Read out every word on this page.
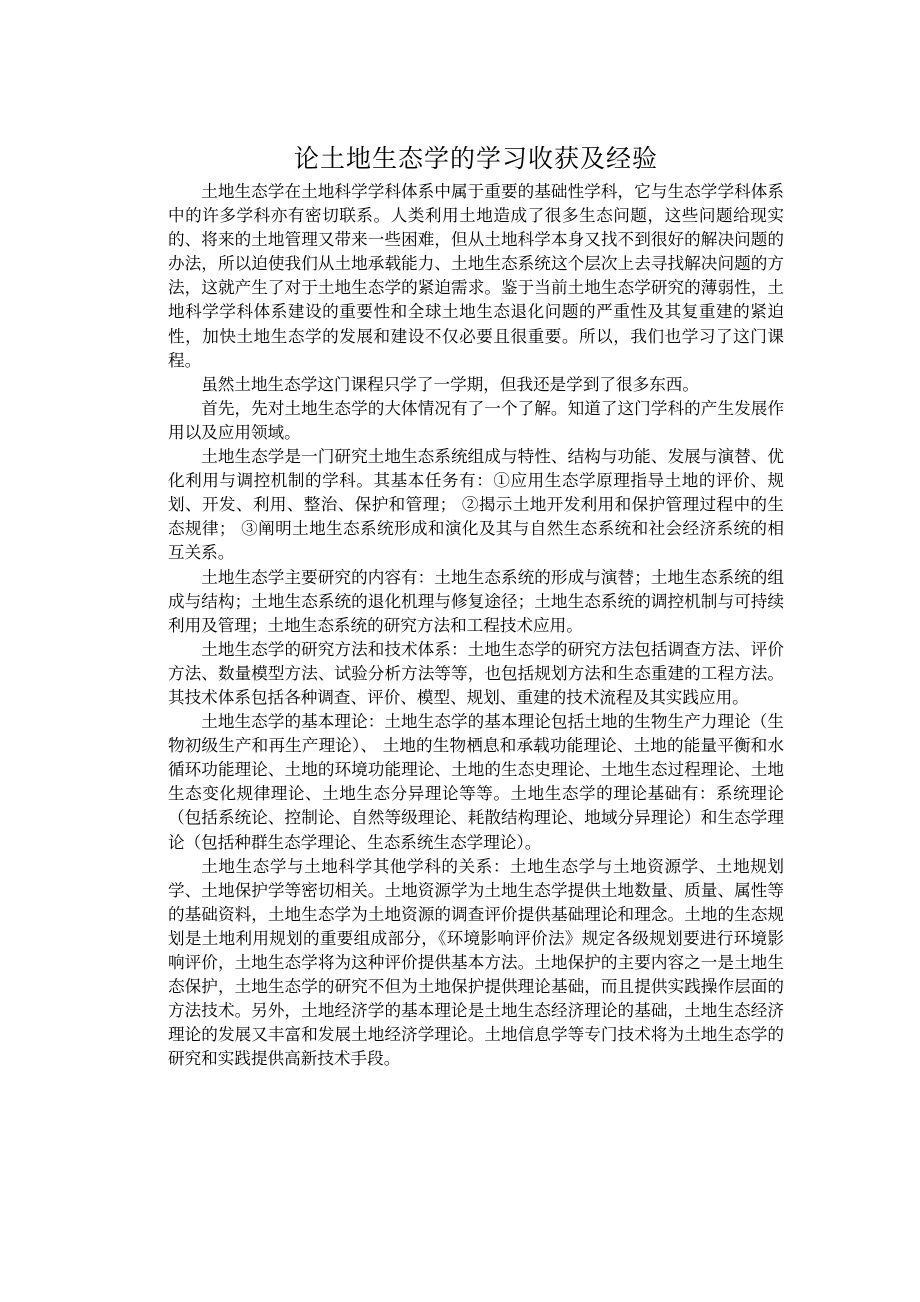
论土地生态学的学习收获及经验

土地生态学在土地科学学科体系中属于重要的基础性学科，它与生态学学科体系中的许多学科亦有密切联系。人类利用土地造成了很多生态问题，这些问题给现实的、将来的土地管理又带来一些困难，但从土地科学本身又找不到很好的解决问题的办法，所以迫使我们从土地承载能力、土地生态系统这个层次上去寻找解决问题的方法，这就产生了对于土地生态学的紧迫需求。鉴于当前土地生态学研究的薄弱性，土地科学学科体系建设的重要性和全球土地生态退化问题的严重性及其复重建的紧迫性，加快土地生态学的发展和建设不仅必要且很重要。所以，我们也学习了这门课程。

虽然土地生态学这门课程只学了一学期，但我还是学到了很多东西。

首先，先对土地生态学的大体情况有了一个了解。知道了这门学科的产生发展作用以及应用领域。

土地生态学是一门研究土地生态系统组成与特性、结构与功能、发展与演替、优化利用与调控机制的学科。其基本任务有：①应用生态学原理指导土地的评价、规划、开发、利用、整治、保护和管理； ②揭示土地开发利用和保护管理过程中的生态规律； ③阐明土地生态系统形成和演化及其与自然生态系统和社会经济系统的相互关系。

土地生态学主要研究的内容有：土地生态系统的形成与演替；土地生态系统的组成与结构；土地生态系统的退化机理与修复途径；土地生态系统的调控机制与可持续利用及管理；土地生态系统的研究方法和工程技术应用。

土地生态学的研究方法和技术体系：土地生态学的研究方法包括调查方法、评价方法、数量模型方法、试验分析方法等等，也包括规划方法和生态重建的工程方法。其技术体系包括各种调查、评价、模型、规划、重建的技术流程及其实践应用。

土地生态学的基本理论：土地生态学的基本理论包括土地的生物生产力理论（生物初级生产和再生产理论）、 土地的生物栖息和承载功能理论、土地的能量平衡和水循环功能理论、土地的环境功能理论、土地的生态史理论、土地生态过程理论、土地生态变化规律理论、土地生态分异理论等等。土地生态学的理论基础有：系统理论（包括系统论、控制论、自然等级理论、耗散结构理论、地域分异理论）和生态学理论（包括种群生态学理论、生态系统生态学理论）。

土地生态学与土地科学其他学科的关系：土地生态学与土地资源学、土地规划学、土地保护学等密切相关。土地资源学为土地生态学提供土地数量、质量、属性等的基础资料，土地生态学为土地资源的调查评价提供基础理论和理念。土地的生态规划是土地利用规划的重要组成部分，《环境影响评价法》规定各级规划要进行环境影响评价，土地生态学将为这种评价提供基本方法。土地保护的主要内容之一是土地生态保护，土地生态学的研究不但为土地保护提供理论基础，而且提供实践操作层面的方法技术。另外，土地经济学的基本理论是土地生态经济理论的基础，土地生态经济理论的发展又丰富和发展土地经济学理论。土地信息学等专门技术将为土地生态学的研究和实践提供高新技术手段。
